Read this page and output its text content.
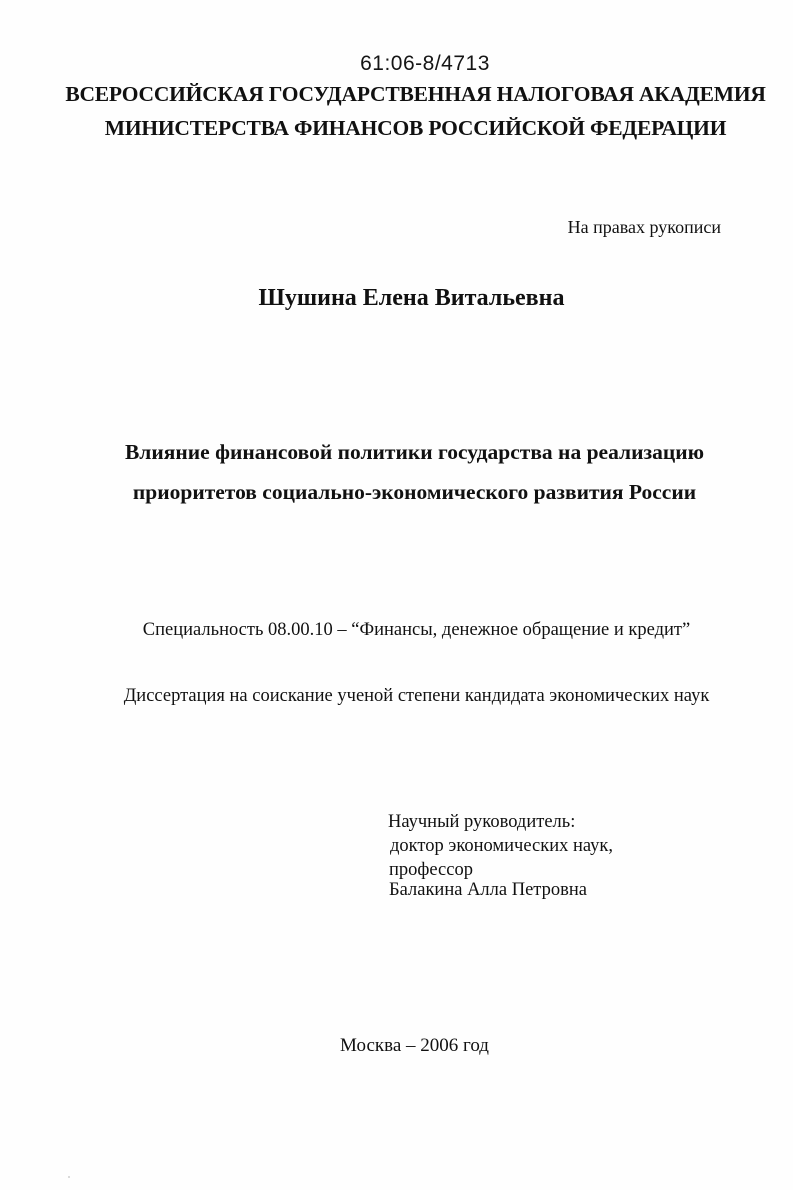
61:06-8/4713
ВСЕРОССИЙСКАЯ ГОСУДАРСТВЕННАЯ НАЛОГОВАЯ АКАДЕМИЯ
МИНИСТЕРСТВА ФИНАНСОВ РОССИЙСКОЙ ФЕДЕРАЦИИ
На правах рукописи
Шушина Елена Витальевна
Влияние финансовой политики государства на реализацию
приоритетов социально-экономического развития России
Специальность 08.00.10 – “Финансы, денежное обращение и кредит”
Диссертация на соискание ученой степени кандидата экономических наук
Научный руководитель:
доктор экономических наук,
профессор
Балакина Алла Петровна
Москва – 2006 год
